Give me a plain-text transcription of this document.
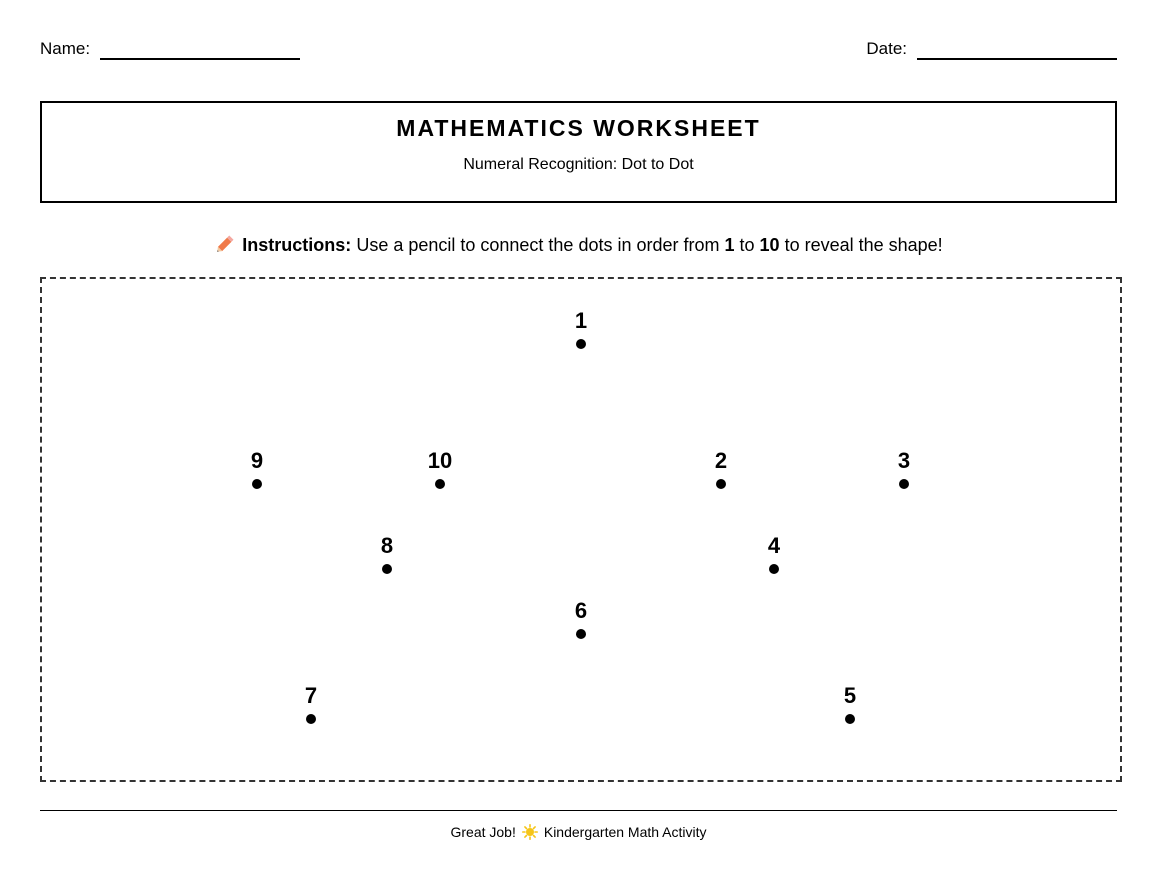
Name:	Date:
MATHEMATICS WORKSHEET
Numeral Recognition: Dot to Dot
Instructions: Use a pencil to connect the dots in order from 1 to 10 to reveal the shape!
1
2	3
4
5
6
7
8
9	10
Great Job! Kindergarten Math Activity
